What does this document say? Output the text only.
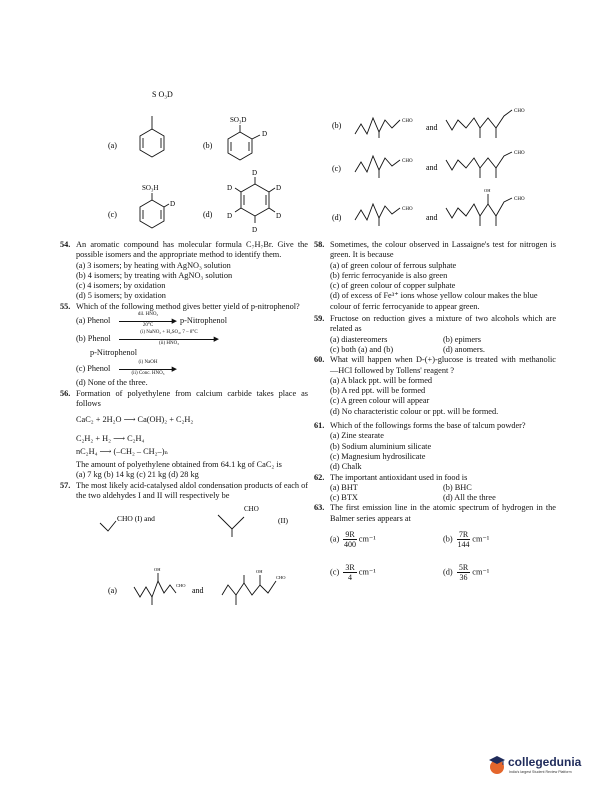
S O₃D
(a)	(b)
SO₃D
D
(c)
SO₃H
D
(d)
D
D
D
D
D
D
(b)	CHO
and
CHO
(c)
CHO
and
CHO
(d)
CHO
and
OH
CHO
54. An aromatic compound has molecular formula C₇H₇Br. Give the possible isomers and the appropriate method to identify them.
(a) 3 isomers; by heating with AgNO₃ solution
(b) 4 isomers; by treating with AgNO₃ solution
(c) 4 isomers; by oxidation
(d) 5 isomers; by oxidation
55. Which of the following method gives better yield of p-nitrophenol?
(a) Phenol
dil. HNO₃
▶
20°C
p-Nitrophenol
(b) Phenol
(i) NaNO₂ + H₂SO₄, 7 – 8°C
▶
(ii) HNO₃
p-Nitrophenol
(c) Phenol
(i) NaOH
▶
(ii) Conc. HNO₃
(d) None of the three.
56. Formation of polyethylene from calcium carbide takes place as follows
CaC₂ + 2H₂O ⟶ Ca(OH)₂ + C₂H₂
C₂H₂ + H₂ ⟶ C₂H₄
nC₂H₄ ⟶ (–CH₂ – CH₂–)ₙ
The amount of polyethylene obtained from 64.1 kg of CaC₂ is
(a) 7 kg (b) 14 kg (c) 21 kg (d) 28 kg
57. The most likely acid-catalysed aldol condensation products of each of the two aldehydes I and II will respectively be
CHO (I) and
CHO
(II)
(a)
OH
CHO
and
OH
CHO
58. Sometimes, the colour observed in Lassaigne's test for nitrogen is green. It is because
(a) of green colour of ferrous sulphate
(b) ferric ferrocyanide is also green
(c) of green colour of copper sulphate
(d) of excess of Fe³⁺ ions whose yellow colour makes the blue colour of ferric ferrocyanide to appear green.
59. Fructose on reduction gives a mixture of two alcohols which are related as
(a) diastereomers	(b) epimers
(c) both (a) and (b)	(d) anomers.
60. What will happen when D-(+)-glucose is treated with methanolic —HCl followed by Tollens' reagent ?
(a) A black ppt. will be formed
(b) A red ppt. will be formed
(c) A green colour will appear
(d) No characteristic colour or ppt. will be formed.
61. Which of the followings forms the base of talcum powder?
(a) Zine stearate
(b) Sodium aluminium silicate
(c) Magnesium hydrosilicate
(d) Chalk
62. The important antioxidant used in food is
(a) BHT	(b) BHC
(c) BTX	(d) All the three
63. The first emission line in the atomic spectrum of hydrogen in the Balmer series appears at
$(a) \frac{9R}{400} cm^{-1}$	$(b) \frac{7R}{144} cm^{-1}$
$(c) \frac{3R}{4} cm^{-1}$	$(d) \frac{5R}{36} cm^{-1}$
collegedunia
India's largest Student Review Platform
